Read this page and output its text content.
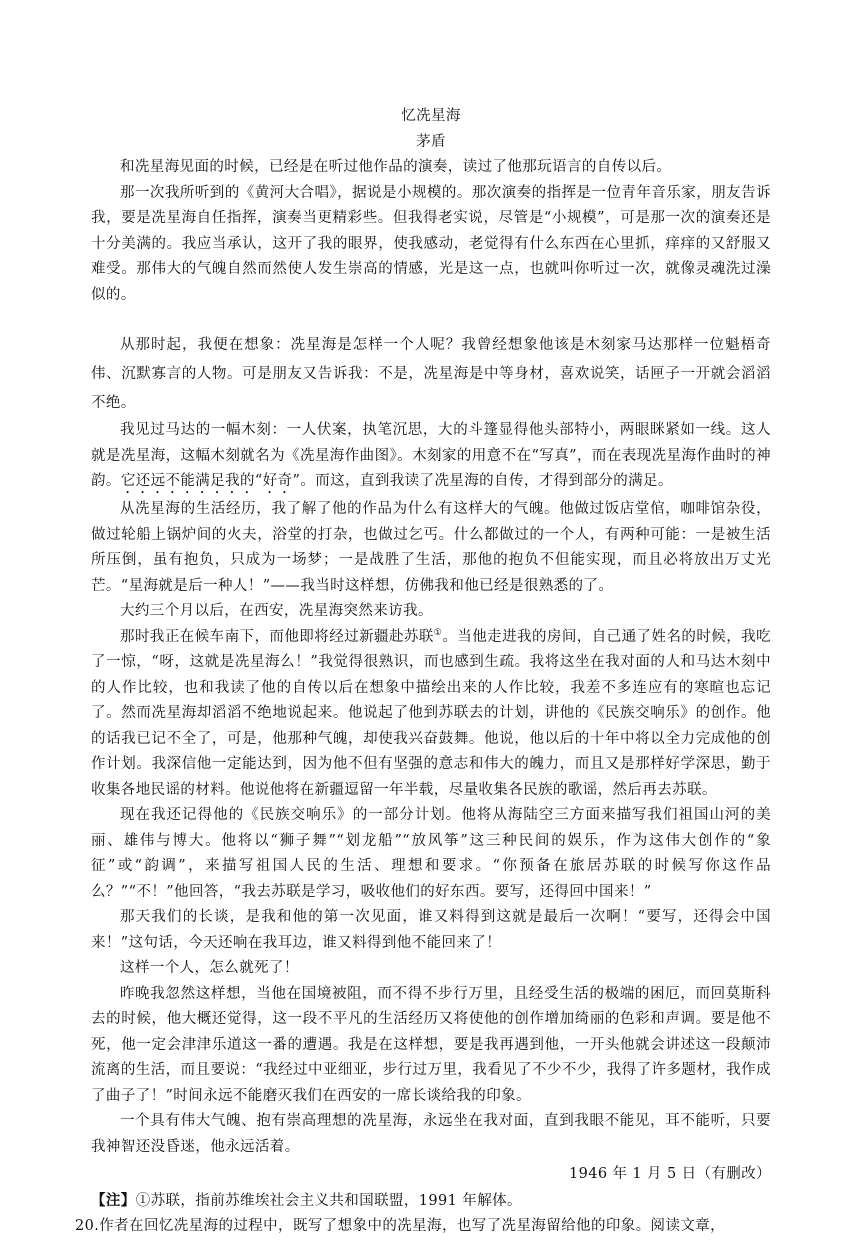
忆冼星海
茅盾

和冼星海见面的时候，已经是在听过他作品的演奏，读过了他那玩语言的自传以后。

那一次我所听到的《黄河大合唱》，据说是小规模的。那次演奏的指挥是一位青年音乐家，朋友告诉我，要是冼星海自任指挥，演奏当更精彩些。但我得老实说，尽管是“小规模”，可是那一次的演奏还是十分美满的。我应当承认，这开了我的眼界，使我感动，老觉得有什么东西在心里抓，痒痒的又舒服又难受。那伟大的气魄自然而然使人发生崇高的情感，光是这一点，也就叫你听过一次，就像灵魂洗过澡似的。

从那时起，我便在想象：冼星海是怎样一个人呢？我曾经想象他该是木刻家马达那样一位魁梧奇伟、沉默寡言的人物。可是朋友又告诉我：不是，冼星海是中等身材，喜欢说笑，话匣子一开就会滔滔不绝。

我见过马达的一幅木刻：一人伏案，执笔沉思，大的斗篷显得他头部特小，两眼眯紧如一线。这人就是冼星海，这幅木刻就名为《冼星海作曲图》。木刻家的用意不在“写真”，而在表现冼星海作曲时的神韵。它还远不能满足我的“好奇”。而这，直到我读了冼星海的自传，才得到部分的满足。

从冼星海的生活经历，我了解了他的作品为什么有这样大的气魄。他做过饭店堂倌，咖啡馆杂役，做过轮船上锅炉间的火夫，浴堂的打杂，也做过乞丐。什么都做过的一个人，有两种可能：一是被生活所压倒，虽有抱负，只成为一场梦；一是战胜了生活，那他的抱负不但能实现，而且必将放出万丈光芒。“星海就是后一种人！”——我当时这样想，仿佛我和他已经是很熟悉的了。

大约三个月以后，在西安，冼星海突然来访我。

那时我正在候车南下，而他即将经过新疆赴苏联①。当他走进我的房间，自己通了姓名的时候，我吃了一惊，“呀，这就是冼星海么！”我觉得很熟识，而也感到生疏。我将这坐在我对面的人和马达木刻中的人作比较，也和我读了他的自传以后在想象中描绘出来的人作比较，我差不多连应有的寒暄也忘记了。然而冼星海却滔滔不绝地说起来。他说起了他到苏联去的计划，讲他的《民族交响乐》的创作。他的话我已记不全了，可是，他那种气魄，却使我兴奋鼓舞。他说，他以后的十年中将以全力完成他的创作计划。我深信他一定能达到，因为他不但有坚强的意志和伟大的魄力，而且又是那样好学深思，勤于收集各地民谣的材料。他说他将在新疆逗留一年半载，尽量收集各民族的歌谣，然后再去苏联。

现在我还记得他的《民族交响乐》的一部分计划。他将从海陆空三方面来描写我们祖国山河的美丽、雄伟与博大。他将以“狮子舞”“划龙船”“放风筝”这三种民间的娱乐，作为这伟大创作的“象征”或“韵调”，来描写祖国人民的生活、理想和要求。“你预备在旅居苏联的时候写你这作品么？”“不！”他回答，“我去苏联是学习，吸收他们的好东西。要写，还得回中国来！”

那天我们的长谈，是我和他的第一次见面，谁又料得到这就是最后一次啊！“要写，还得会中国来！”这句话，今天还响在我耳边，谁又料得到他不能回来了！

这样一个人，怎么就死了！

昨晚我忽然这样想，当他在国境被阻，而不得不步行万里，且经受生活的极端的困厄，而回莫斯科去的时候，他大概还觉得，这一段不平凡的生活经历又将使他的创作增加绮丽的色彩和声调。要是他不死，他一定会津津乐道这一番的遭遇。我是在这样想，要是我再遇到他，一开头他就会讲述这一段颠沛流离的生活，而且要说：“我经过中亚细亚，步行过万里，我看见了不少不少，我得了许多题材，我作成了曲子了！”时间永远不能磨灭我们在西安的一席长谈给我的印象。

一个具有伟大气魄、抱有崇高理想的冼星海，永远坐在我对面，直到我眼不能见，耳不能听，只要我神智还没昏迷，他永远活着。

1946 年 1 月 5 日（有删改）
【注】①苏联，指前苏维埃社会主义共和国联盟，1991 年解体。
20.作者在回忆冼星海的过程中，既写了想象中的冼星海，也写了冼星海留给他的印象。阅读文章，
